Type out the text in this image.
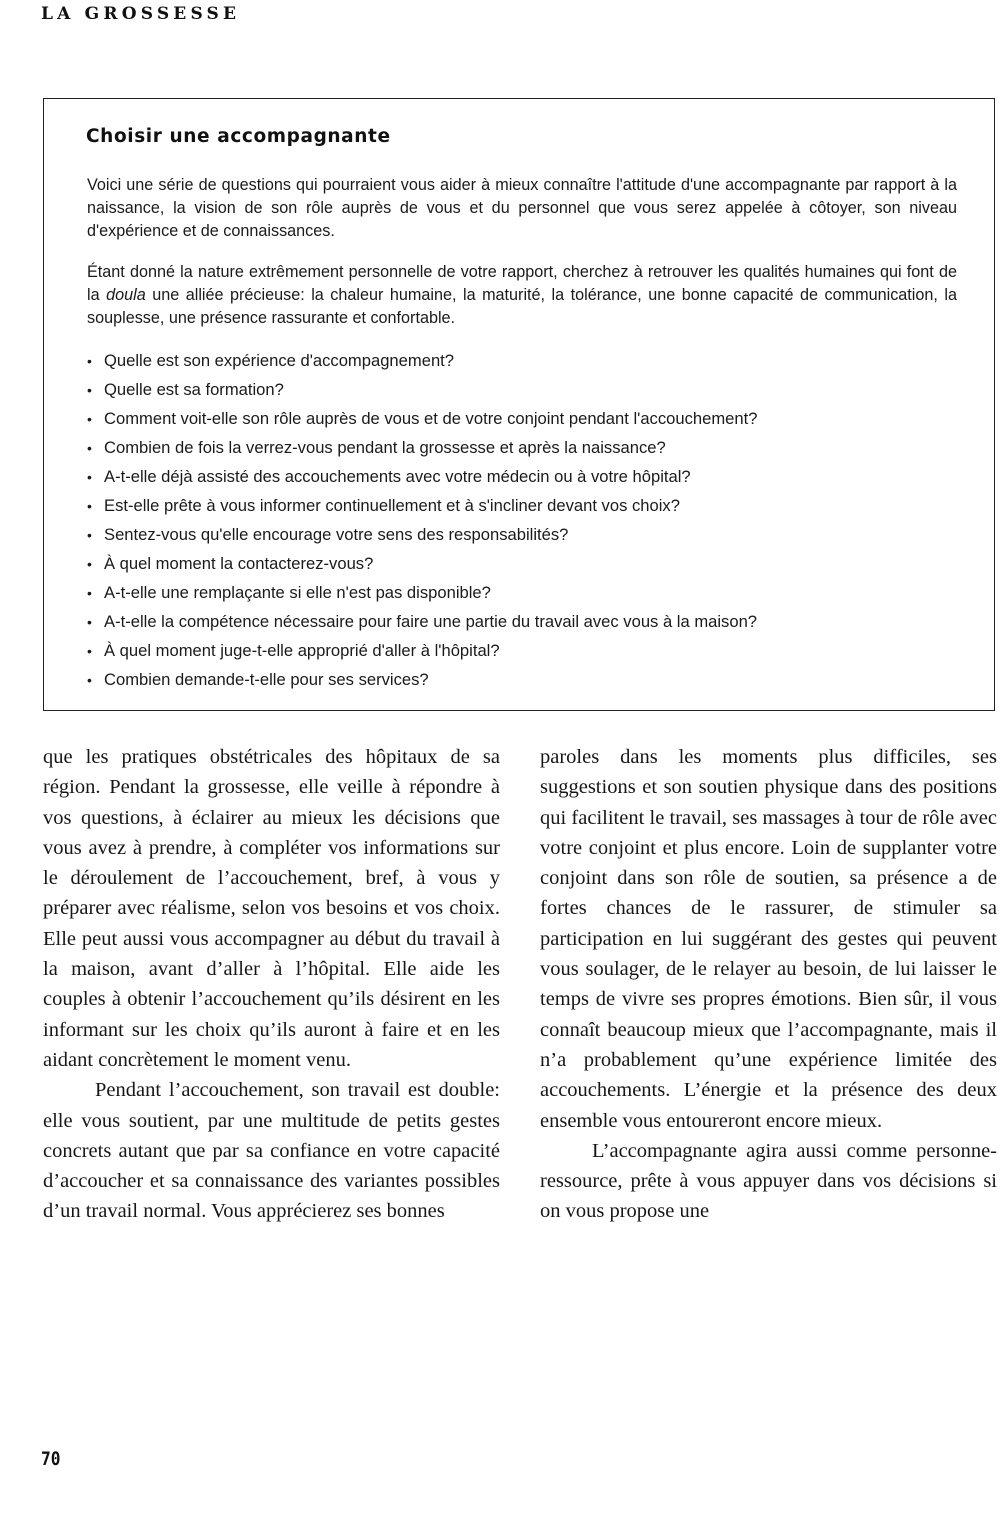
LA GROSSESSE
Choisir une accompagnante

Voici une série de questions qui pourraient vous aider à mieux connaître l'attitude d'une accompagnante par rapport à la naissance, la vision de son rôle auprès de vous et du personnel que vous serez appelée à côtoyer, son niveau d'expérience et de connaissances.

Étant donné la nature extrêmement personnelle de votre rapport, cherchez à retrouver les qualités humaines qui font de la doula une alliée précieuse: la chaleur humaine, la maturité, la tolérance, une bonne capacité de communication, la souplesse, une présence rassurante et confortable.

• Quelle est son expérience d'accompagnement?
• Quelle est sa formation?
• Comment voit-elle son rôle auprès de vous et de votre conjoint pendant l'accouchement?
• Combien de fois la verrez-vous pendant la grossesse et après la naissance?
• A-t-elle déjà assisté des accouchements avec votre médecin ou à votre hôpital?
• Est-elle prête à vous informer continuellement et à s'incliner devant vos choix?
• Sentez-vous qu'elle encourage votre sens des responsabilités?
• À quel moment la contacterez-vous?
• A-t-elle une remplaçante si elle n'est pas disponible?
• A-t-elle la compétence nécessaire pour faire une partie du travail avec vous à la maison?
• À quel moment juge-t-elle approprié d'aller à l'hôpital?
• Combien demande-t-elle pour ses services?

que les pratiques obstétricales des hôpitaux de sa région. Pendant la grossesse, elle veille à répondre à vos questions, à éclairer au mieux les décisions que vous avez à prendre, à compléter vos informations sur le déroulement de l’accouchement, bref, à vous y préparer avec réalisme, selon vos besoins et vos choix. Elle peut aussi vous accompagner au début du travail à la maison, avant d’aller à l’hôpital. Elle aide les couples à obtenir l’accouchement qu’ils désirent en les informant sur les choix qu’ils auront à faire et en les aidant concrètement le moment venu.

Pendant l’accouchement, son travail est double: elle vous soutient, par une multitude de petits gestes concrets autant que par sa confiance en votre capacité d’accoucher et sa connaissance des variantes possibles d’un travail normal. Vous apprécierez ses bonnes

paroles dans les moments plus difficiles, ses suggestions et son soutien physique dans des positions qui facilitent le travail, ses massages à tour de rôle avec votre conjoint et plus encore. Loin de supplanter votre conjoint dans son rôle de soutien, sa présence a de fortes chances de le rassurer, de stimuler sa participation en lui suggérant des gestes qui peuvent vous soulager, de le relayer au besoin, de lui laisser le temps de vivre ses propres émotions. Bien sûr, il vous connaît beaucoup mieux que l’accompagnante, mais il n’a probablement qu’une expérience limitée des accouchements. L’énergie et la présence des deux ensemble vous entoureront encore mieux.

L’accompagnante agira aussi comme personne-ressource, prête à vous appuyer dans vos décisions si on vous propose une

70
